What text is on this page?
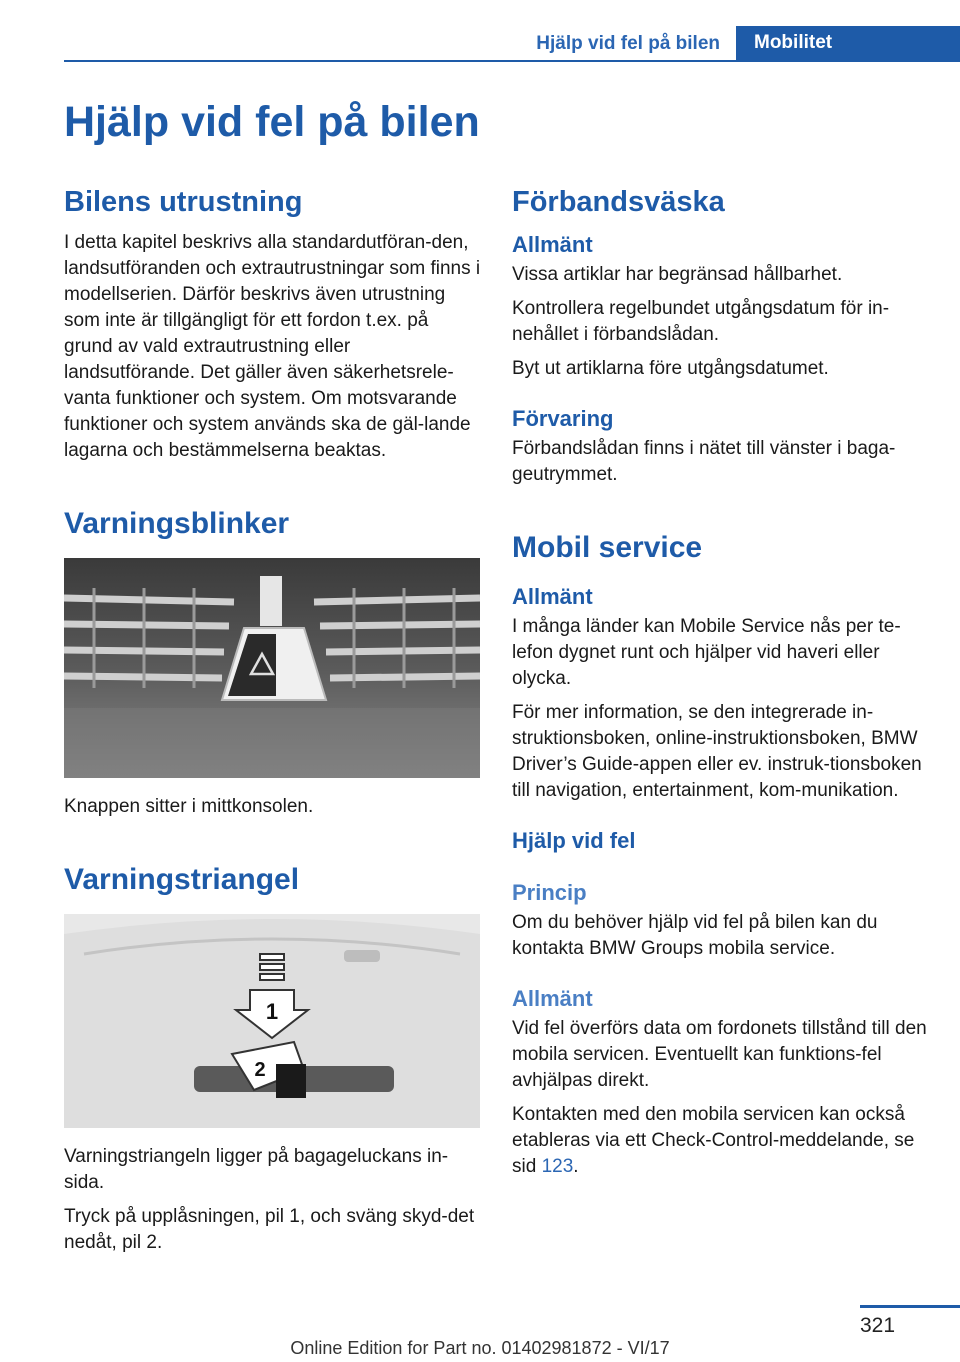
Hjälp vid fel på bilen	Mobilitet
Hjälp vid fel på bilen
Bilens utrustning

I detta kapitel beskrivs alla standardutföran-den, landsutföranden och extrautrustningar som finns i modellserien. Därför beskrivs även utrustning som inte är tillgängligt för ett fordon t.ex. på grund av vald extrautrustning eller landsutförande. Det gäller även säkerhetsrele-vanta funktioner och system. Om motsvarande funktioner och system används ska de gäl-lande lagarna och bestämmelserna beaktas.

Varningsblinker

Knappen sitter i mittkonsolen.

Varningstriangel
1
2

Varningstriangeln ligger på bagageluckans in-sida.

Tryck på upplåsningen, pil 1, och sväng skyd-det nedåt, pil 2.

Förbandsväska
Allmänt

Vissa artiklar har begränsad hållbarhet.

Kontrollera regelbundet utgångsdatum för in-nehållet i förbandslådan.

Byt ut artiklarna före utgångsdatumet.

Förvaring

Förbandslådan finns i nätet till vänster i baga-geutrymmet.

Mobil service
Allmänt

I många länder kan Mobile Service nås per te-lefon dygnet runt och hjälper vid haveri eller olycka.

För mer information, se den integrerade in-struktionsboken, online-instruktionsboken, BMW Driver’s Guide-appen eller ev. instruk-tionsboken till navigation, entertainment, kom-munikation.

Hjälp vid fel
Princip

Om du behöver hjälp vid fel på bilen kan du kontakta BMW Groups mobila service.

Allmänt

Vid fel överförs data om fordonets tillstånd till den mobila servicen. Eventuellt kan funktions-fel avhjälpas direkt.

Kontakten med den mobila servicen kan också etableras via ett Check-Control-meddelande, se sid 123.

321
Online Edition for Part no. 01402981872 - VI/17
